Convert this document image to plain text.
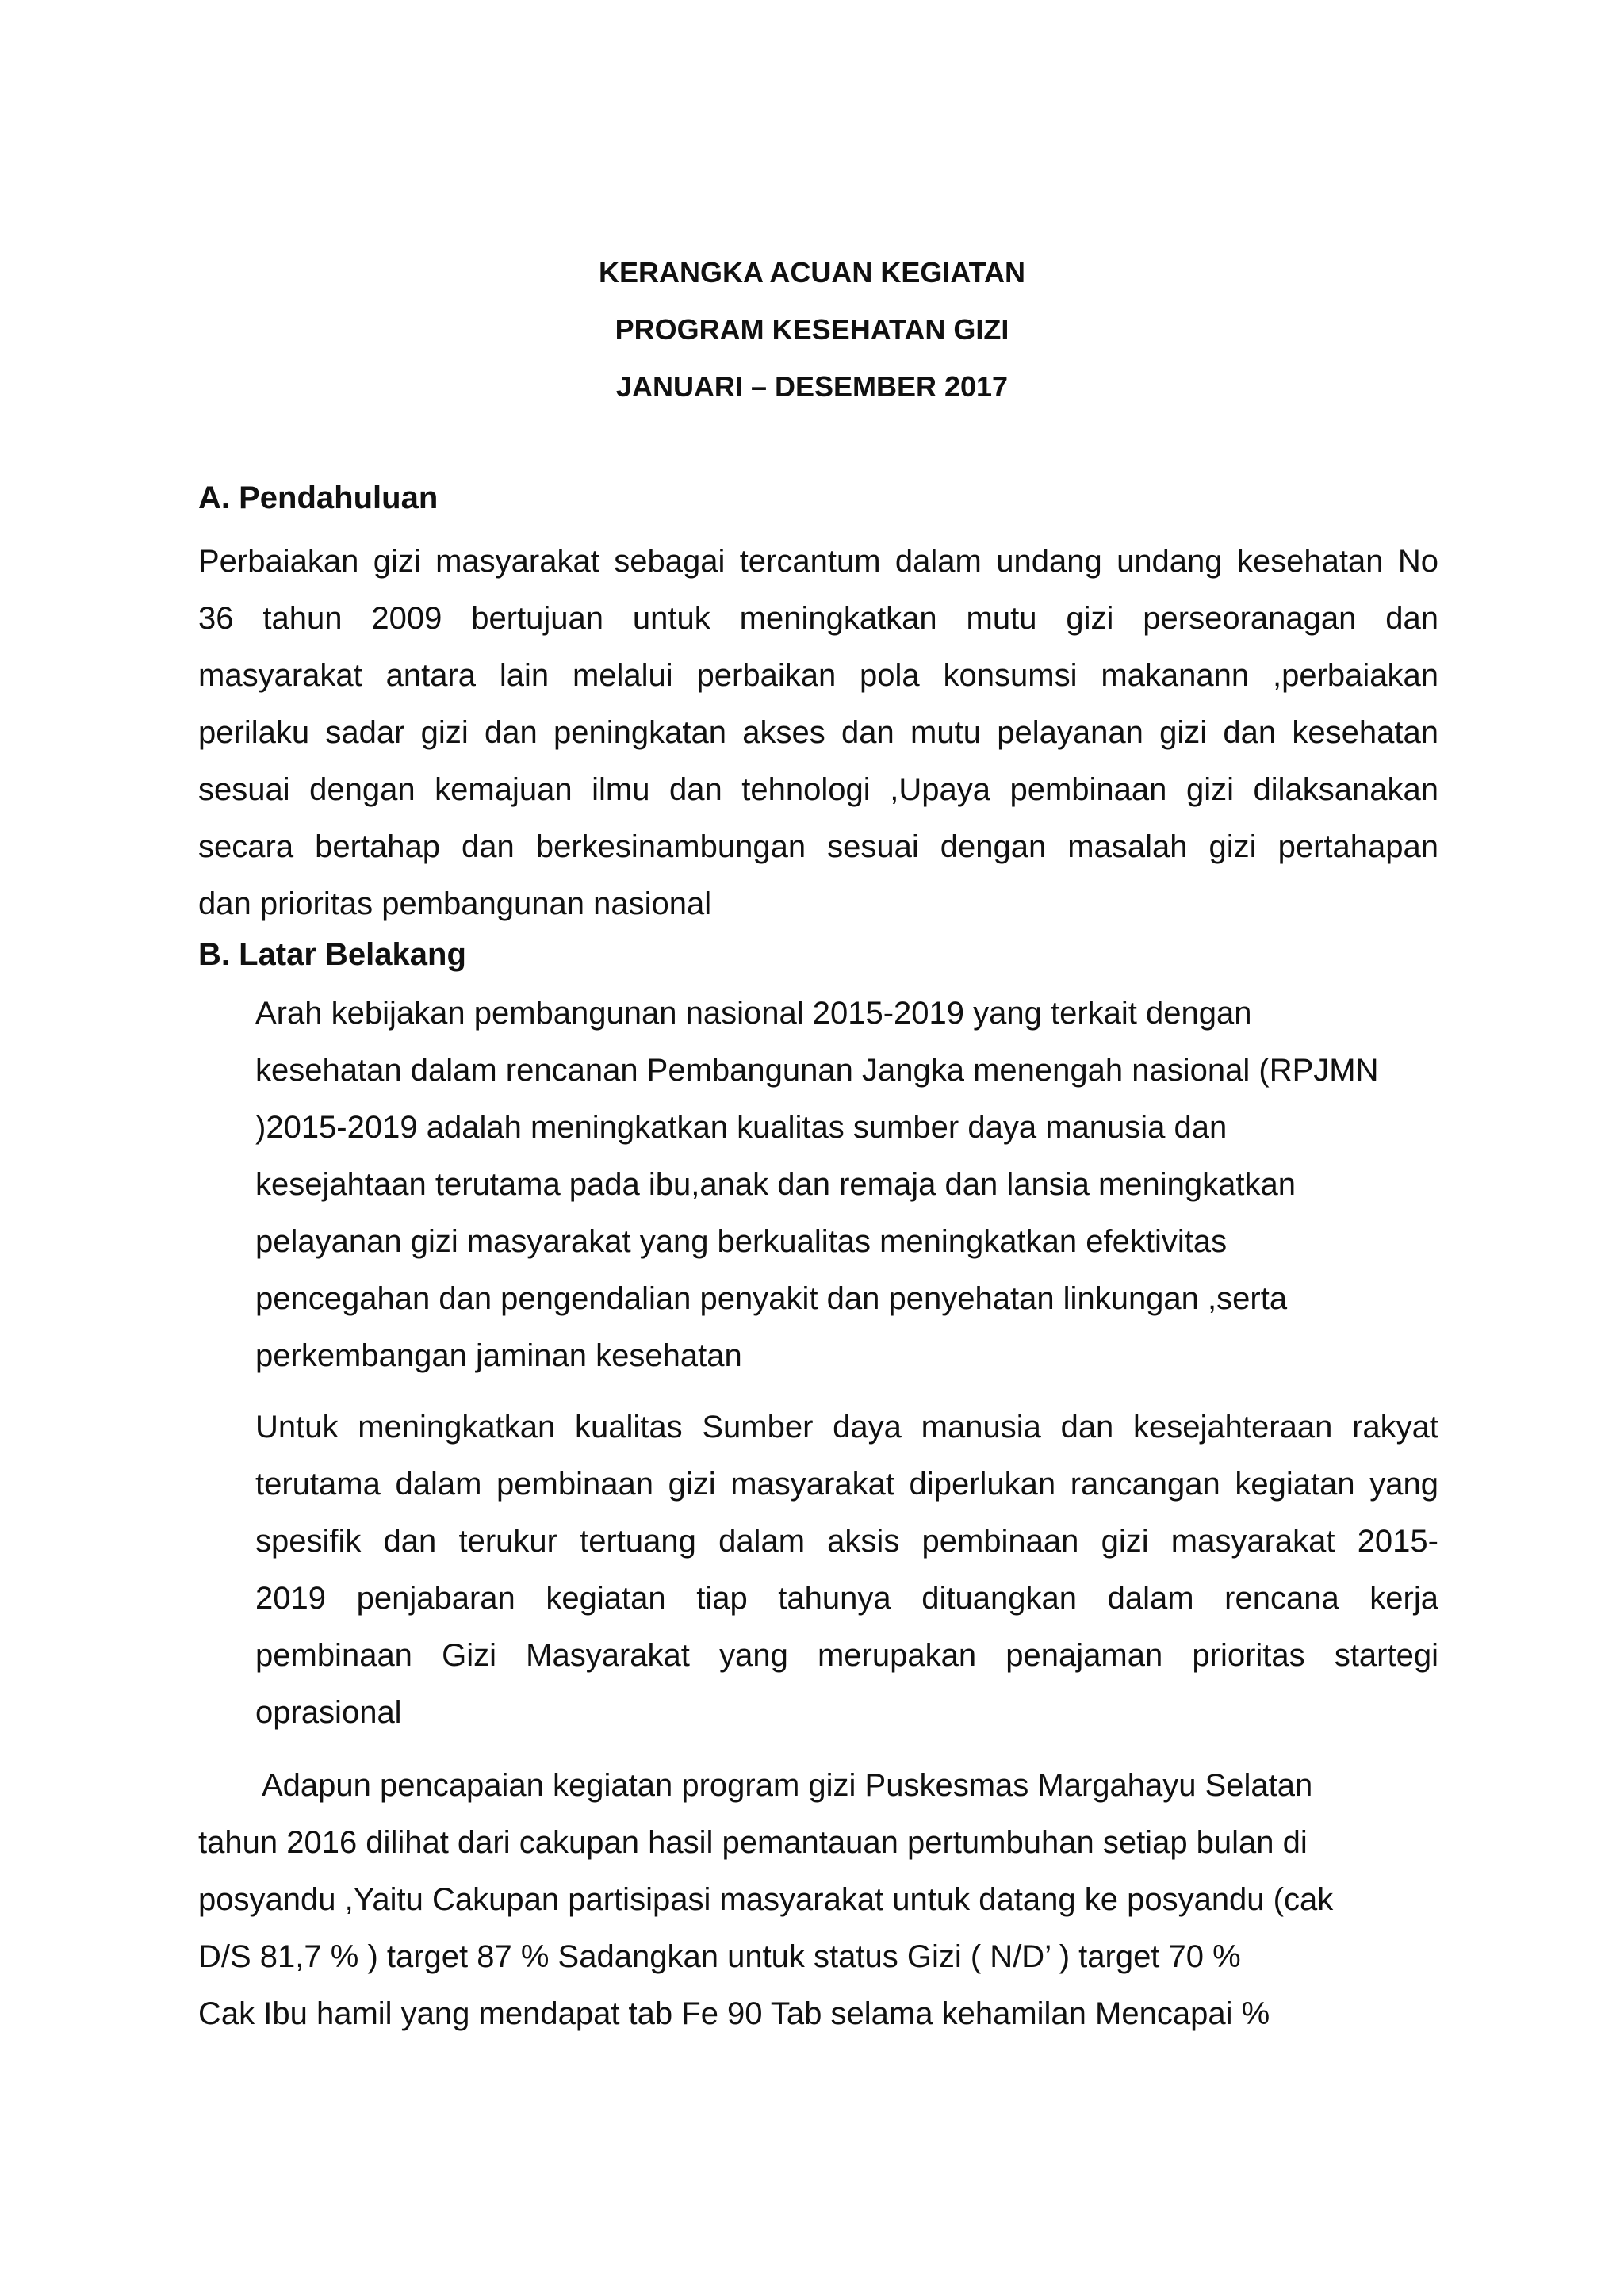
KERANGKA ACUAN KEGIATAN
PROGRAM KESEHATAN GIZI
JANUARI – DESEMBER 2017
A. Pendahuluan
Perbaiakan gizi masyarakat sebagai tercantum dalam undang undang kesehatan No
36 tahun 2009 bertujuan untuk meningkatkan mutu gizi perseoranagan dan
masyarakat antara lain melalui perbaikan pola konsumsi makanann ,perbaiakan
perilaku sadar gizi dan peningkatan akses dan mutu pelayanan gizi dan kesehatan
sesuai dengan kemajuan ilmu dan tehnologi ,Upaya pembinaan gizi dilaksanakan
secara bertahap dan berkesinambungan sesuai dengan masalah gizi pertahapan
dan prioritas pembangunan nasional
B. Latar Belakang
Arah kebijakan pembangunan nasional 2015-2019 yang terkait dengan
kesehatan dalam rencanan Pembangunan Jangka menengah nasional (RPJMN
)2015-2019 adalah meningkatkan kualitas sumber daya manusia dan
kesejahtaan terutama pada ibu,anak dan remaja dan lansia meningkatkan
pelayanan gizi masyarakat yang berkualitas meningkatkan efektivitas
pencegahan dan pengendalian penyakit dan penyehatan linkungan ,serta
perkembangan jaminan kesehatan
Untuk meningkatkan kualitas Sumber daya manusia dan kesejahteraan rakyat
terutama dalam pembinaan gizi masyarakat diperlukan rancangan kegiatan yang
spesifik dan terukur tertuang dalam aksis pembinaan gizi masyarakat 2015-
2019 penjabaran kegiatan tiap tahunya dituangkan dalam rencana kerja
pembinaan Gizi Masyarakat yang merupakan penajaman prioritas startegi
oprasional
Adapun pencapaian kegiatan program gizi Puskesmas Margahayu Selatan
tahun 2016 dilihat dari cakupan hasil pemantauan pertumbuhan setiap bulan di
posyandu ,Yaitu Cakupan partisipasi masyarakat untuk datang ke posyandu (cak
D/S 81,7 % ) target 87 % Sadangkan untuk status Gizi ( N/D’ ) target 70 %
Cak Ibu hamil yang mendapat tab Fe 90 Tab selama kehamilan Mencapai %
